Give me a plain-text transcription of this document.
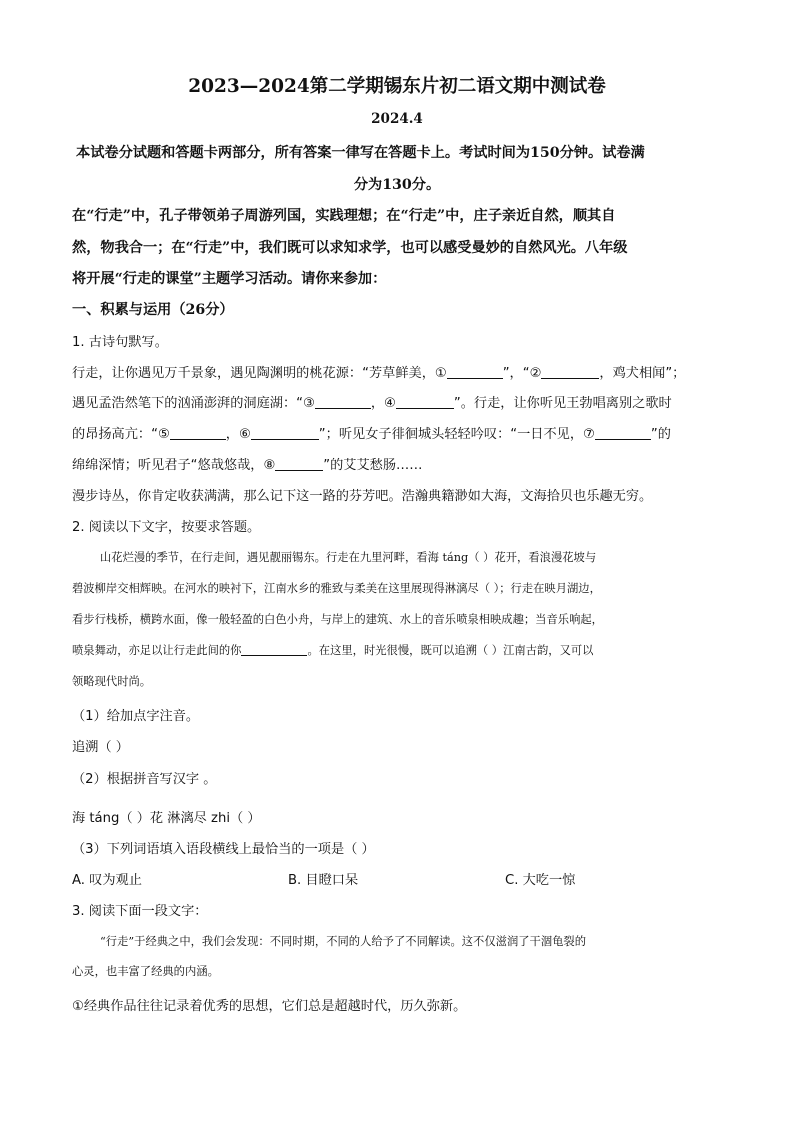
2023—2024第二学期锡东片初二语文期中测试卷
2024.4
本试卷分试题和答题卡两部分，所有答案一律写在答题卡上。考试时间为150分钟。试卷满
分为130分。
在“行走”中，孔子带领弟子周游列国，实践理想；在“行走”中，庄子亲近自然，顺其自
然，物我合一；在“行走”中，我们既可以求知求学，也可以感受曼妙的自然风光。八年级
将开展“行走的课堂”主题学习活动。请你来参加：
一、积累与运用（26分）
1. 古诗句默写。
行走，让你遇见万千景象，遇见陶渊明的桃花源：“芳草鲜美，①	”，“②	，鸡犬相闻”；
遇见孟浩然笔下的汹涌澎湃的洞庭湖：“③	，④	”。行走，让你听见王勃唱离别之歌时
的昂扬高亢：“⑤	，⑥	”；听见女子徘徊城头轻轻吟叹：“一日不见，⑦	”的
绵绵深情；听见君子“悠哉悠哉，⑧	”的艾艾愁肠……
漫步诗丛，你肯定收获满满，那么记下这一路的芬芳吧。浩瀚典籍渺如大海，文海拾贝也乐趣无穷。
2. 阅读以下文字，按要求答题。
山花烂漫的季节，在行走间，遇见靓丽锡东。行走在九里河畔，看海 táng（ ）花开，看浪漫花坡与
碧波柳岸交相辉映。在河水的映衬下，江南水乡的雅致与柔美在这里展现得淋漓尽（ ）；行走在映月湖边，
看步行栈桥，横跨水面，像一般轻盈的白色小舟，与岸上的建筑、水上的音乐喷泉相映成趣；当音乐响起，
喷泉舞动，亦足以让行走此间的你	。在这里，时光很慢，既可以追溯（ ）江南古韵，又可以
领略现代时尚。
（1）给加点字注音。
追溯（ ）
（2）根据拼音写汉字 。
海 táng（ ）花 淋漓尽 zhi（ ）
（3）下列词语填入语段横线上最恰当的一项是（ ）
A. 叹为观止	B. 目瞪口呆	C. 大吃一惊
3. 阅读下面一段文字：
“行走”于经典之中，我们会发现：不同时期，不同的人给予了不同解读。这不仅滋润了干涸龟裂的
心灵，也丰富了经典的内涵。
①经典作品往往记录着优秀的思想，它们总是超越时代，历久弥新。
